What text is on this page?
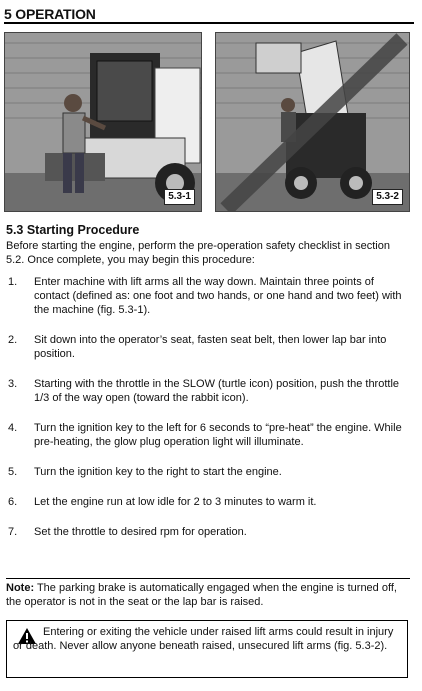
5 OPERATION
5.3-1	5.3-2
5.3 Starting Procedure

Before starting the engine, perform the pre-operation safety checklist in section 5.2. Once complete, you may begin this procedure:

1. Enter machine with lift arms all the way down. Maintain three points of contact (defined as: one foot and two hands, or one hand and two feet) with the machine (fig. 5.3-1).
2. Sit down into the operator’s seat, fasten seat belt, then lower lap bar into position.
3. Starting with the throttle in the SLOW (turtle icon) position, push the throttle 1/3 of the way open (toward the rabbit icon).
4. Turn the ignition key to the left for 6 seconds to “pre-heat” the engine. While pre-heating, the glow plug operation light will illuminate.
5. Turn the ignition key to the right to start the engine.
6. Let the engine run at low idle for 2 to 3 minutes to warm it.
7. Set the throttle to desired rpm for operation.
Note: The parking brake is automatically engaged when the engine is turned off, the operator is not in the seat or the lap bar is raised.
Entering or exiting the vehicle under raised lift arms could result in injury or death. Never allow anyone beneath raised, unsecured lift arms (fig. 5.3-2).
